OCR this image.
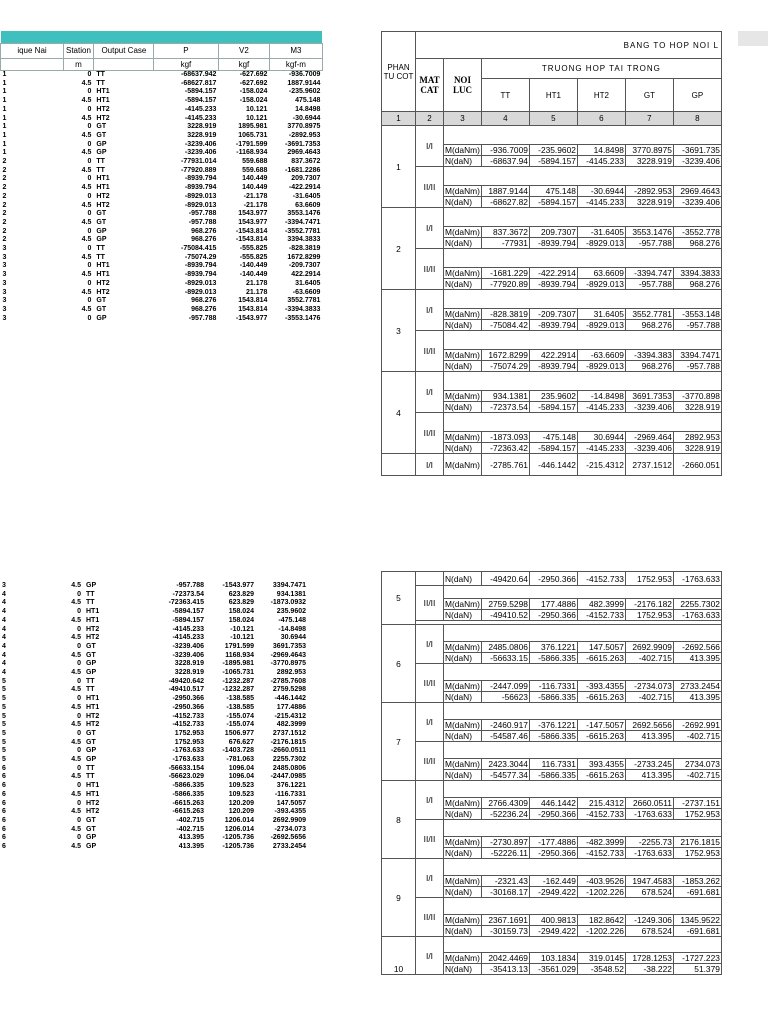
ique Nai	Station	Output Case	P	V2	M3
	m		kgf	kgf	kgf-m
1	0	TT	-68637.942	-627.692	-936.7009
1	4.5	TT	-68627.817	-627.692	1887.9144
1	0	HT1	-5894.157	-158.024	-235.9602
1	4.5	HT1	-5894.157	-158.024	475.148
1	0	HT2	-4145.233	10.121	14.8498
1	4.5	HT2	-4145.233	10.121	-30.6944
1	0	GT	3228.919	1895.981	3770.8975
1	4.5	GT	3228.919	1065.731	-2892.953
1	0	GP	-3239.406	-1791.599	-3691.7353
1	4.5	GP	-3239.406	-1168.934	2969.4643
2	0	TT	-77931.014	559.688	837.3672
2	4.5	TT	-77920.889	559.688	-1681.2286
2	0	HT1	-8939.794	140.449	209.7307
2	4.5	HT1	-8939.794	140.449	-422.2914
2	0	HT2	-8929.013	-21.178	-31.6405
2	4.5	HT2	-8929.013	-21.178	63.6609
2	0	GT	-957.788	1543.977	3553.1476
2	4.5	GT	-957.788	1543.977	-3394.7471
2	0	GP	968.276	-1543.814	-3552.7781
2	4.5	GP	968.276	-1543.814	3394.3833
3	0	TT	-75084.415	-555.825	-828.3819
3	4.5	TT	-75074.29	-555.825	1672.8299
3	0	HT1	-8939.794	-140.449	-209.7307
3	4.5	HT1	-8939.794	-140.449	422.2914
3	0	HT2	-8929.013	21.178	31.6405
3	4.5	HT2	-8929.013	21.178	-63.6609
3	0	GT	968.276	1543.814	3552.7781
3	4.5	GT	968.276	1543.814	-3394.3833
3	0	GP	-957.788	-1543.977	-3553.1476
3	4.5	GP	-957.788	-1543.977	3394.7471
4	0	TT	-72373.54	623.829	934.1381
4	4.5	TT	-72363.415	623.829	-1873.0932
4	0	HT1	-5894.157	158.024	235.9602
4	4.5	HT1	-5894.157	158.024	-475.148
4	0	HT2	-4145.233	-10.121	-14.8498
4	4.5	HT2	-4145.233	-10.121	30.6944
4	0	GT	-3239.406	1791.599	3691.7353
4	4.5	GT	-3239.406	1168.934	-2969.4643
4	0	GP	3228.919	-1895.981	-3770.8975
4	4.5	GP	3228.919	-1065.731	2892.953
5	0	TT	-49420.642	-1232.287	-2785.7608
5	4.5	TT	-49410.517	-1232.287	2759.5298
5	0	HT1	-2950.366	-138.585	-446.1442
5	4.5	HT1	-2950.366	-138.585	177.4886
5	0	HT2	-4152.733	-155.074	-215.4312
5	4.5	HT2	-4152.733	-155.074	482.3999
5	0	GT	1752.953	1506.977	2737.1512
5	4.5	GT	1752.953	676.627	-2176.1815
5	0	GP	-1763.633	-1403.728	-2660.0511
5	4.5	GP	-1763.633	-781.063	2255.7302
6	0	TT	-56633.154	1096.04	2485.0806
6	4.5	TT	-56623.029	1096.04	-2447.0985
6	0	HT1	-5866.335	109.523	376.1221
6	4.5	HT1	-5866.335	109.523	-116.7331
6	0	HT2	-6615.263	120.209	147.5057
6	4.5	HT2	-6615.263	120.209	-393.4355
6	0	GT	-402.715	1206.014	2692.9909
6	4.5	GT	-402.715	1206.014	-2734.073
6	0	GP	413.395	-1205.736	-2692.5656
6	4.5	GP	413.395	-1205.736	2733.2454
PHAN TU COT	BANG TO HOP NOI L						
	MAT CAT	NOI LUC	TRUONG HOP TAI TRONG				
			TT	HT1	HT2	GT	GP
1	2	3	4	5	6	7	8
1	I/I						
		M(daNm)	-936.7009	-235.9602	14.8498	3770.8975	-3691.735
		N(daN)	-68637.94	-5894.157	-4145.233	3228.919	-3239.406
	II/II						
		M(daNm)	1887.9144	475.148	-30.6944	-2892.953	2969.4643
		N(daN)	-68627.82	-5894.157	-4145.233	3228.919	-3239.406
2	I/I						
		M(daNm)	837.3672	209.7307	-31.6405	3553.1476	-3552.778
		N(daN)	-77931	-8939.794	-8929.013	-957.788	968.276
	II/II						
		M(daNm)	-1681.229	-422.2914	63.6609	-3394.747	3394.3833
		N(daN)	-77920.89	-8939.794	-8929.013	-957.788	968.276
3	I/I						
		M(daNm)	-828.3819	-209.7307	31.6405	3552.7781	-3553.148
		N(daN)	-75084.42	-8939.794	-8929.013	968.276	-957.788
	II/II						
		M(daNm)	1672.8299	422.2914	-63.6609	-3394.383	3394.7471
		N(daN)	-75074.29	-8939.794	-8929.013	968.276	-957.788
4	I/I						
		M(daNm)	934.1381	235.9602	-14.8498	3691.7353	-3770.898
		N(daN)	-72373.54	-5894.157	-4145.233	-3239.406	3228.919
	II/II						
		M(daNm)	-1873.093	-475.148	30.6944	-2969.464	2892.953
		N(daN)	-72363.42	-5894.157	-4145.233	-3239.406	3228.919
	I/I	M(daNm)	-2785.761	-446.1442	-215.4312	2737.1512	-2660.051
5		N(daN)	-49420.64	-2950.366	-4152.733	1752.953	-1763.633
	II/II						
		M(daNm)	2759.5298	177.4886	482.3999	-2176.182	2255.7302
		N(daN)	-49410.52	-2950.366	-4152.733	1752.953	-1763.633

6	I/I						
		M(daNm)	2485.0806	376.1221	147.5057	2692.9909	-2692.566
		N(daN)	-56633.15	-5866.335	-6615.263	-402.715	413.395
	II/II						
		M(daNm)	-2447.099	-116.7331	-393.4355	-2734.073	2733.2454
		N(daN)	-56623	-5866.335	-6615.263	-402.715	413.395
7	I/I						
		M(daNm)	-2460.917	-376.1221	-147.5057	2692.5656	-2692.991
		N(daN)	-54587.46	-5866.335	-6615.263	413.395	-402.715
	II/II						
		M(daNm)	2423.3044	116.7331	393.4355	-2733.245	2734.073
		N(daN)	-54577.34	-5866.335	-6615.263	413.395	-402.715
8	I/I						
		M(daNm)	2766.4309	446.1442	215.4312	2660.0511	-2737.151
		N(daN)	-52236.24	-2950.366	-4152.733	-1763.633	1752.953
	II/II						
		M(daNm)	-2730.897	-177.4886	-482.3999	-2255.73	2176.1815
		N(daN)	-52226.11	-2950.366	-4152.733	-1763.633	1752.953
9	I/I						
		M(daNm)	-2321.43	-162.449	-403.9526	1947.4583	-1853.262
		N(daN)	-30168.17	-2949.422	-1202.226	678.524	-691.681
	II/II						
		M(daNm)	2367.1691	400.9813	182.8642	-1249.306	1345.9522
		N(daN)	-30159.73	-2949.422	-1202.226	678.524	-691.681
10	I/I						
		M(daNm)	2042.4469	103.1834	319.0145	1728.1253	-1727.223
		N(daN)	-35413.13	-3561.029	-3548.52	-38.222	51.379
